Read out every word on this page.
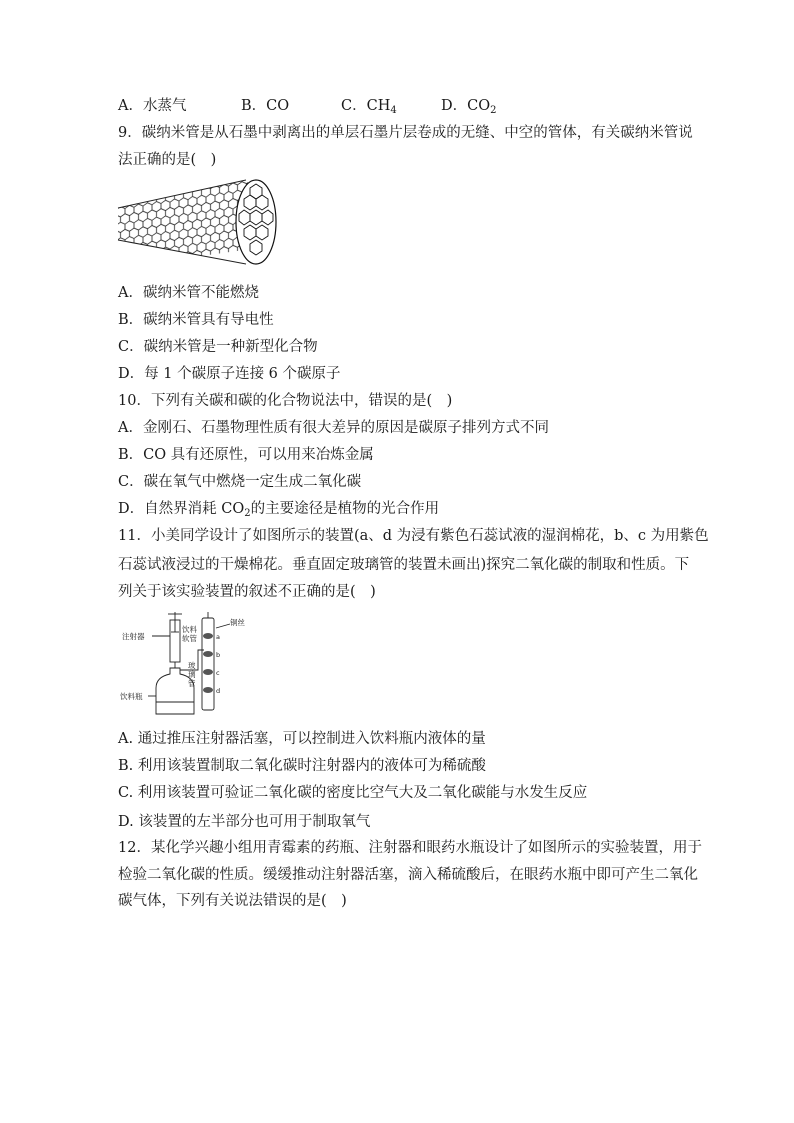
A．水蒸气	B．CO	C．$CH_4$	D．$CO_2$
9．碳纳米管是从石墨中剥离出的单层石墨片层卷成的无缝、中空的管体，有关碳纳米管说
法正确的是(　)
A．碳纳米管不能燃烧
B．碳纳米管具有导电性
C．碳纳米管是一种新型化合物
D．每 1 个碳原子连接 6 个碳原子
10．下列有关碳和碳的化合物说法中，错误的是(　)
A．金刚石、石墨物理性质有很大差异的原因是碳原子排列方式不同
B．CO 具有还原性，可以用来冶炼金属
C．碳在氧气中燃烧一定生成二氧化碳
D．自然界消耗 $CO_2$的主要途径是植物的光合作用
11．小美同学设计了如图所示的装置(a、d 为浸有紫色石蕊试液的湿润棉花，b、c 为用紫色
石蕊试液浸过的干燥棉花。垂直固定玻璃管的装置未画出)探究二氧化碳的制取和性质。下
列关于该实验装置的叙述不正确的是(　)
注射器
饮料
软管
饮料瓶
玻
璃
管
铜丝
a
b
c
d
A. 通过推压注射器活塞，可以控制进入饮料瓶内液体的量
B. 利用该装置制取二氧化碳时注射器内的液体可为稀硫酸
C. 利用该装置可验证二氧化碳的密度比空气大及二氧化碳能与水发生反应
D. 该装置的左半部分也可用于制取氧气
12．某化学兴趣小组用青霉素的药瓶、注射器和眼药水瓶设计了如图所示的实验装置，用于
检验二氧化碳的性质。缓缓推动注射器活塞，滴入稀硫酸后，在眼药水瓶中即可产生二氧化
碳气体，下列有关说法错误的是(　)
